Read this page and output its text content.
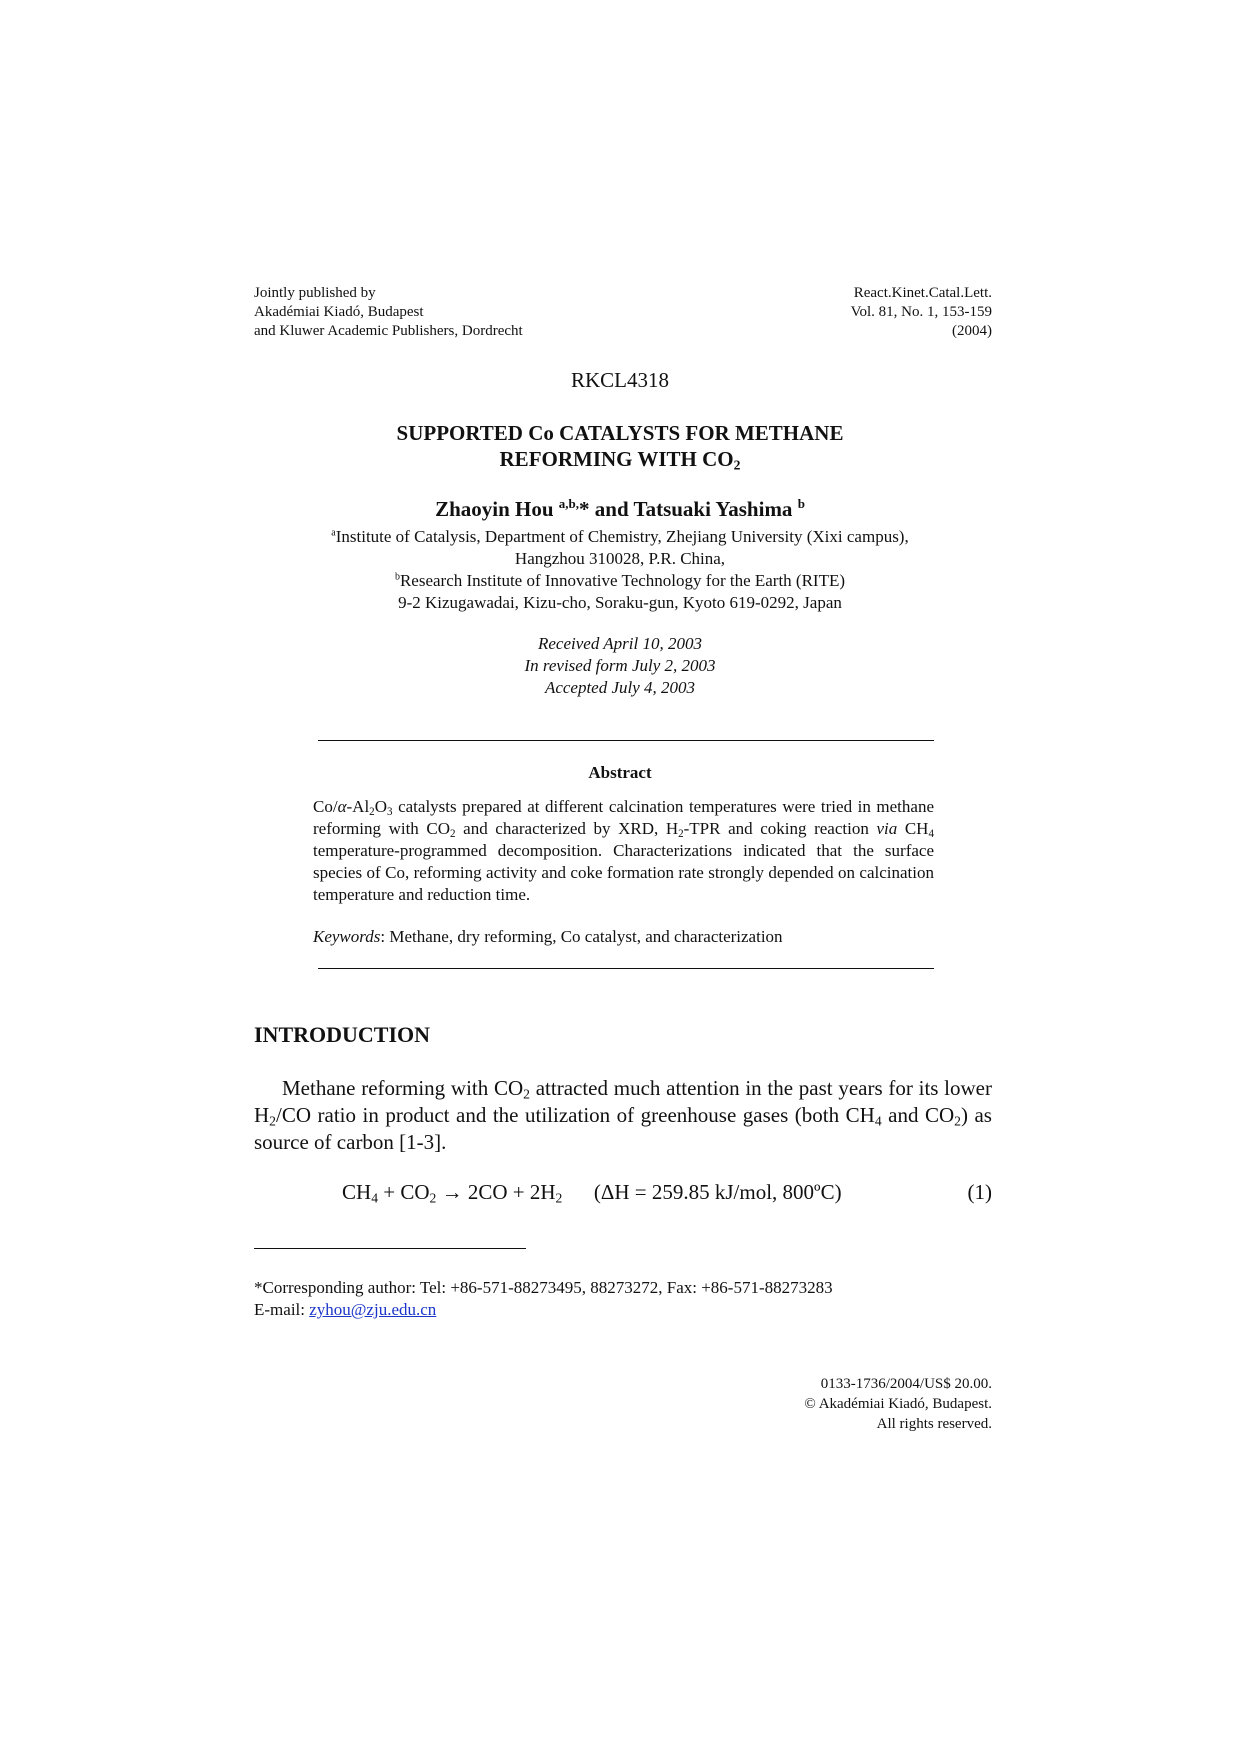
Jointly published by
Akadémiai Kiadó, Budapest
and Kluwer Academic Publishers, Dordrecht
React.Kinet.Catal.Lett.
Vol. 81, No. 1, 153-159
(2004)
RKCL4318
SUPPORTED Co CATALYSTS FOR METHANE
REFORMING WITH $CO_2$
Zhaoyin Hou $^{a,b,}$* and Tatsuaki Yashima $^b$
$^a$Institute of Catalysis, Department of Chemistry, Zhejiang University (Xixi campus),
Hangzhou 310028, P.R. China,
$^b$Research Institute of Innovative Technology for the Earth (RITE)
9-2 Kizugawadai, Kizu-cho, Soraku-gun, Kyoto 619-0292, Japan
Received April 10, 2003
In revised form July 2, 2003
Accepted July 4, 2003
Abstract
$Co/\alpha-Al_2O_3$ catalysts prepared at different calcination temperatures were tried in methane reforming with $CO_2$ and characterized by XRD, $H_2$-TPR and coking reaction via $CH_4$ temperature-programmed decomposition. Characterizations indicated that the surface species of Co, reforming activity and coke formation rate strongly depended on calcination temperature and reduction time.
Keywords: Methane, dry reforming, Co catalyst, and characterization
INTRODUCTION
Methane reforming with $CO_2$ attracted much attention in the past years for its lower $H_2/CO$ ratio in product and the utilization of greenhouse gases (both $CH_4$ and $CO_2$) as source of carbon [1-3].
$CH_4 + CO_2 \to 2CO + 2H_2$      (ΔH = 259.85 kJ/mol, 800ºC)	(1)
*Corresponding author: Tel: +86-571-88273495, 88273272, Fax: +86-571-88273283
E-mail: zyhou@zju.edu.cn
0133-1736/2004/US$ 20.00.
© Akadémiai Kiadó, Budapest.
All rights reserved.
